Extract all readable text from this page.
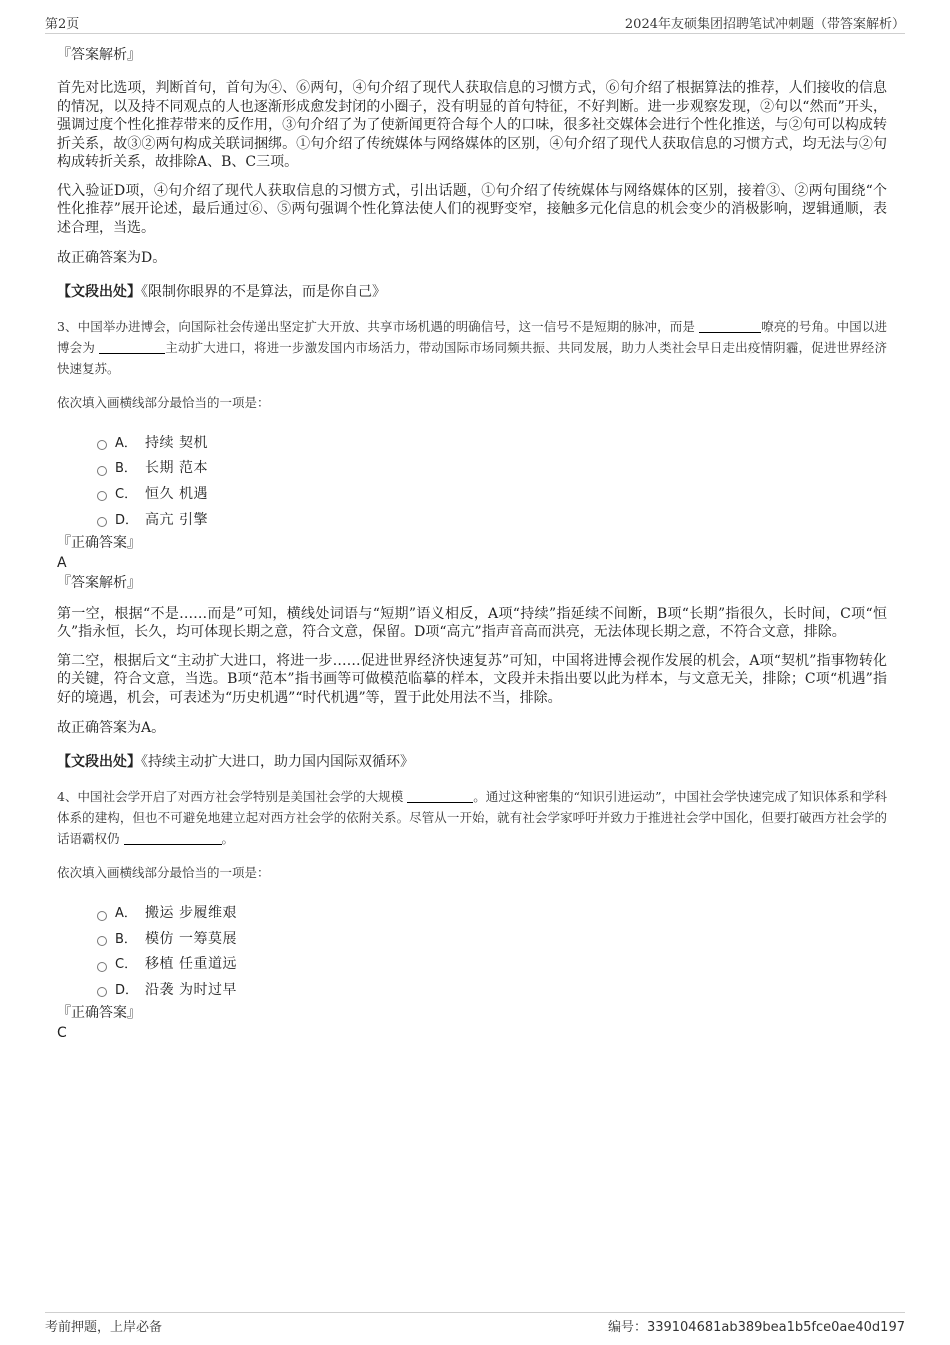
第2页	2024年友硕集团招聘笔试冲刺题（带答案解析）
『答案解析』

首先对比选项，判断首句，首句为④、⑥两句，④句介绍了现代人获取信息的习惯方式，⑥句介绍了根据算法的推荐，人们接收的信息的情况，以及持不同观点的人也逐渐形成愈发封闭的小圈子，没有明显的首句特征，不好判断。进一步观察发现，②句以“然而”开头，强调过度个性化推荐带来的反作用，③句介绍了为了使新闻更符合每个人的口味，很多社交媒体会进行个性化推送，与②句可以构成转折关系，故③②两句构成关联词捆绑。①句介绍了传统媒体与网络媒体的区别，④句介绍了现代人获取信息的习惯方式，均无法与②句构成转折关系，故排除A、B、C三项。

代入验证D项，④句介绍了现代人获取信息的习惯方式，引出话题，①句介绍了传统媒体与网络媒体的区别，接着③、②两句围绕“个性化推荐”展开论述，最后通过⑥、⑤两句强调个性化算法使人们的视野变窄，接触多元化信息的机会变少的消极影响，逻辑通顺，表述合理，当选。

故正确答案为D。

【文段出处】《限制你眼界的不是算法，而是你自己》

3、中国举办进博会，向国际社会传递出坚定扩大开放、共享市场机遇的明确信号，这一信号不是短期的脉冲，而是	嘹亮的号角。中国以进博会为	主动扩大进口，将进一步激发国内市场活力，带动国际市场同频共振、共同发展，助力人类社会早日走出疫情阴霾，促进世界经济快速复苏。

依次填入画横线部分最恰当的一项是：

A． 持续 契机
B． 长期 范本
C． 恒久 机遇
D． 高亢 引擎
『正确答案』
A
『答案解析』

第一空，根据“不是……而是”可知，横线处词语与“短期”语义相反，A项“持续”指延续不间断，B项“长期”指很久，长时间，C项“恒久”指永恒，长久，均可体现长期之意，符合文意，保留。D项“高亢”指声音高而洪亮，无法体现长期之意，不符合文意，排除。

第二空，根据后文“主动扩大进口，将进一步……促进世界经济快速复苏”可知，中国将进博会视作发展的机会，A项“契机”指事物转化的关键，符合文意，当选。B项“范本”指书画等可做模范临摹的样本，文段并未指出要以此为样本，与文意无关，排除；C项“机遇”指好的境遇，机会，可表述为“历史机遇”“时代机遇”等，置于此处用法不当，排除。

故正确答案为A。

【文段出处】《持续主动扩大进口，助力国内国际双循环》

4、中国社会学开启了对西方社会学特别是美国社会学的大规模	。通过这种密集的“知识引进运动”，中国社会学快速完成了知识体系和学科体系的建构，但也不可避免地建立起对西方社会学的依附关系。尽管从一开始，就有社会学家呼吁并致力于推进社会学中国化，但要打破西方社会学的话语霸权仍	。

依次填入画横线部分最恰当的一项是：

A． 搬运 步履维艰
B． 模仿 一筹莫展
C． 移植 任重道远
D． 沿袭 为时过早
『正确答案』
C
考前押题，上岸必备	编号：339104681ab389bea1b5fce0ae40d197
